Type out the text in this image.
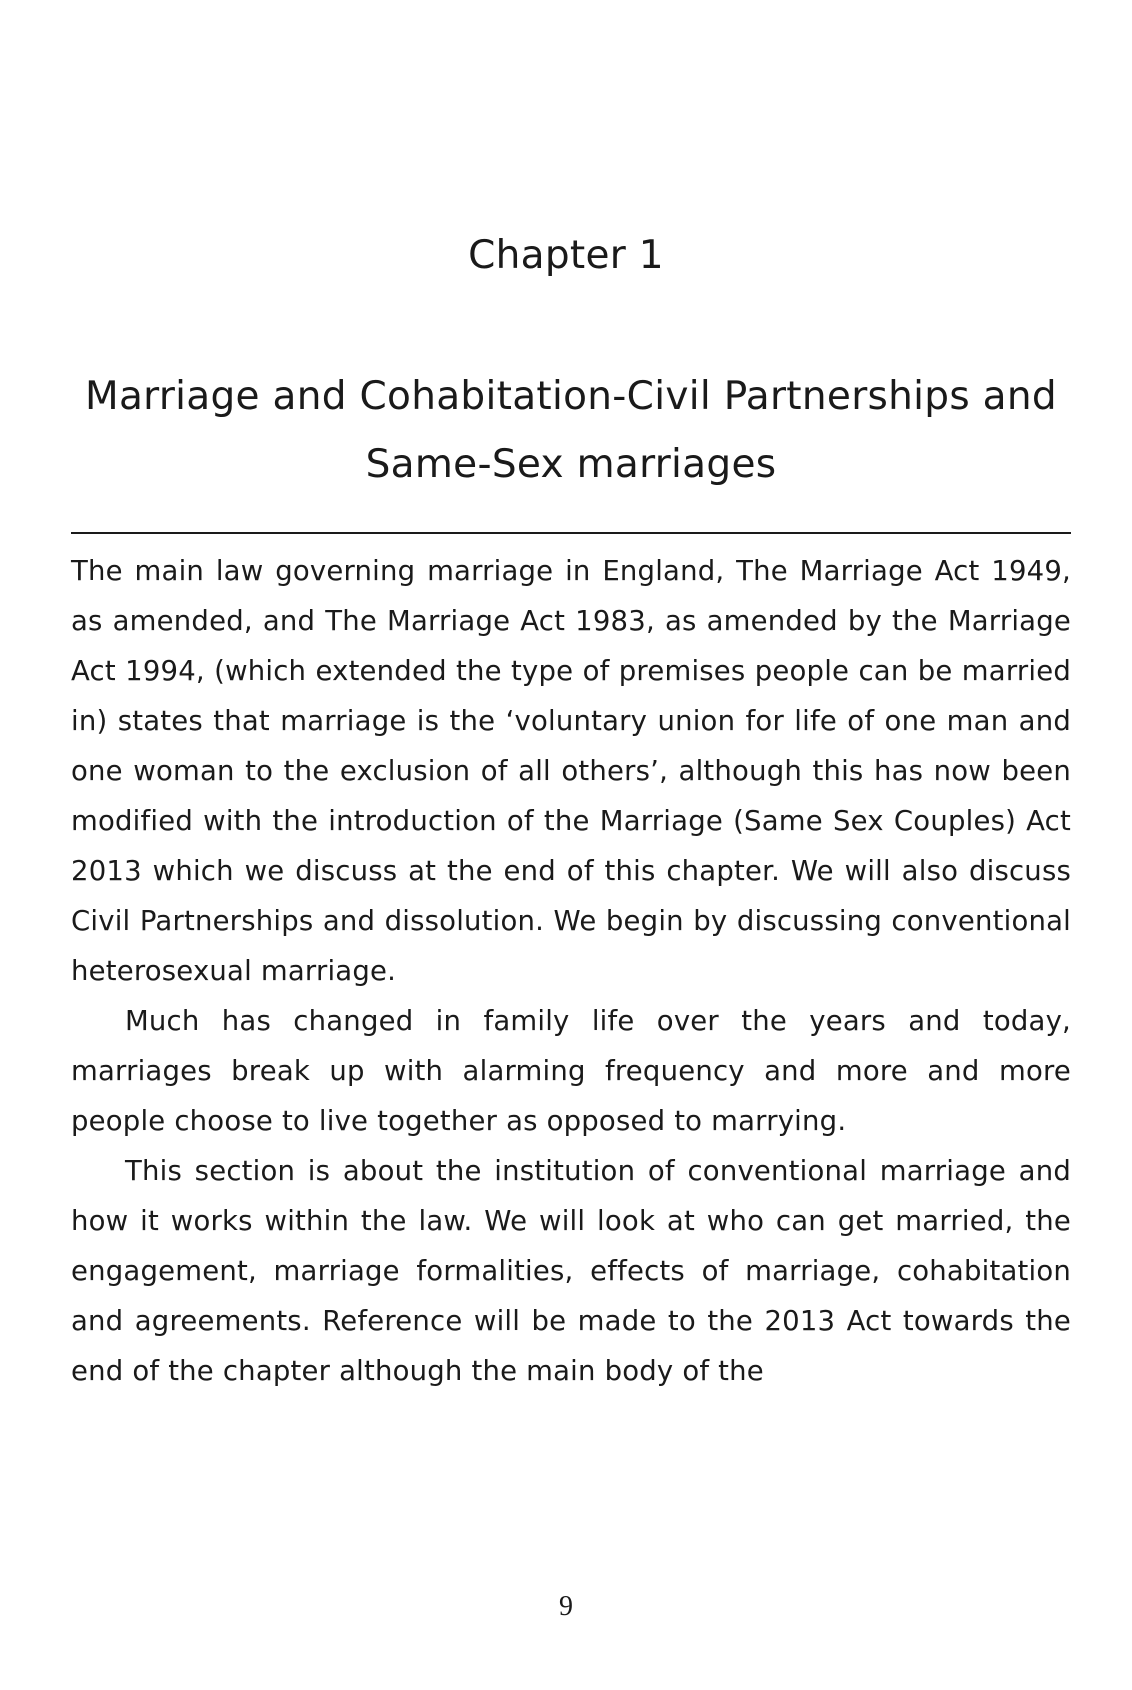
Chapter 1
Marriage and Cohabitation-Civil Partnerships and
Same-Sex marriages

The main law governing marriage in England, The Marriage Act 1949, as amended, and The Marriage Act 1983, as amended by the Marriage Act 1994, (which extended the type of premises people can be married in) states that marriage is the ‘voluntary union for life of one man and one woman to the exclusion of all others’, although this has now been modified with the introduction of the Marriage (Same Sex Couples) Act 2013 which we discuss at the end of this chapter. We will also discuss Civil Partnerships and dissolution. We begin by discussing conventional heterosexual marriage.

Much has changed in family life over the years and today, marriages break up with alarming frequency and more and more people choose to live together as opposed to marrying.

This section is about the institution of conventional marriage and how it works within the law. We will look at who can get married, the engagement, marriage formalities, effects of marriage, cohabitation and agreements. Reference will be made to the 2013 Act towards the end of the chapter although the main body of the

9
